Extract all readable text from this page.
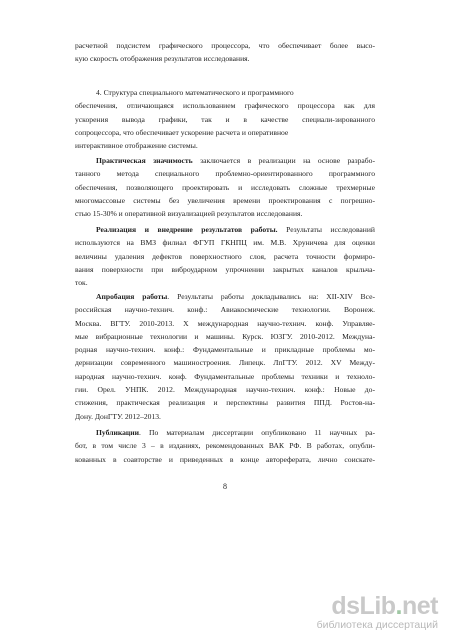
расчетной подсистем графического процессора, что обеспечивает более высо-
кую скорость отображения результатов исследования.
4. Структура специального математического и программного
обеспечения, отличающаяся использованием графического процессора как для
ускорения вывода графики, так и в качестве специали-зированного
сопроцессора, что обеспечивает ускорение расчета и оперативное
интерактивное отображение системы.
Практическая значимость заключается в реализации на основе разрабо-
танного метода специального проблемно-ориентированного программного
обеспечения, позволяющего проектировать и исследовать сложные трехмерные
многомассовые системы без увеличения времени проектирования с погрешно-
стью 15-30% и оперативной визуализацией результатов исследования.
Реализация и внедрение результатов работы. Результаты исследований
используются на ВМЗ филиал ФГУП ГКНПЦ им. М.В. Хруничева для оценки
величины удаления дефектов поверхностного слоя, расчета точности формиро-
вания поверхности при виброударном упрочнении закрытых каналов крыльча-
ток.
Апробация работы. Результаты работы докладывались на: XII-XIV Все-
российская научно-технич. конф.: Авиакосмические технологии. Воронеж.
Москва. ВГТУ. 2010-2013. X международная научно-технич. конф. Управляе-
мые вибрационные технологии и машины. Курск. ЮЗГУ. 2010-2012. Междуна-
родная научно-технич. конф.: Фундаментальные и прикладные проблемы мо-
дернизации современного машиностроения. Липецк. ЛпГТУ. 2012. XV Между-
народная научно-технич. конф. Фундаментальные проблемы техники и техноло-
гии. Орел. УНПК. 2012. Международная научно-технич. конф.: Новые до-
стижения, практическая реализация и перспективы развития ППД. Ростов-на-
Дону. ДонГТУ. 2012–2013.
Публикации. По материалам диссертации опубликовано 11 научных ра-
бот, в том числе 3 – в изданиях, рекомендованных ВАК РФ. В работах, опубли-
кованных в соавторстве и приведенных в конце автореферата, лично соискате-
8
dsLib.net
библиотека диссертаций
